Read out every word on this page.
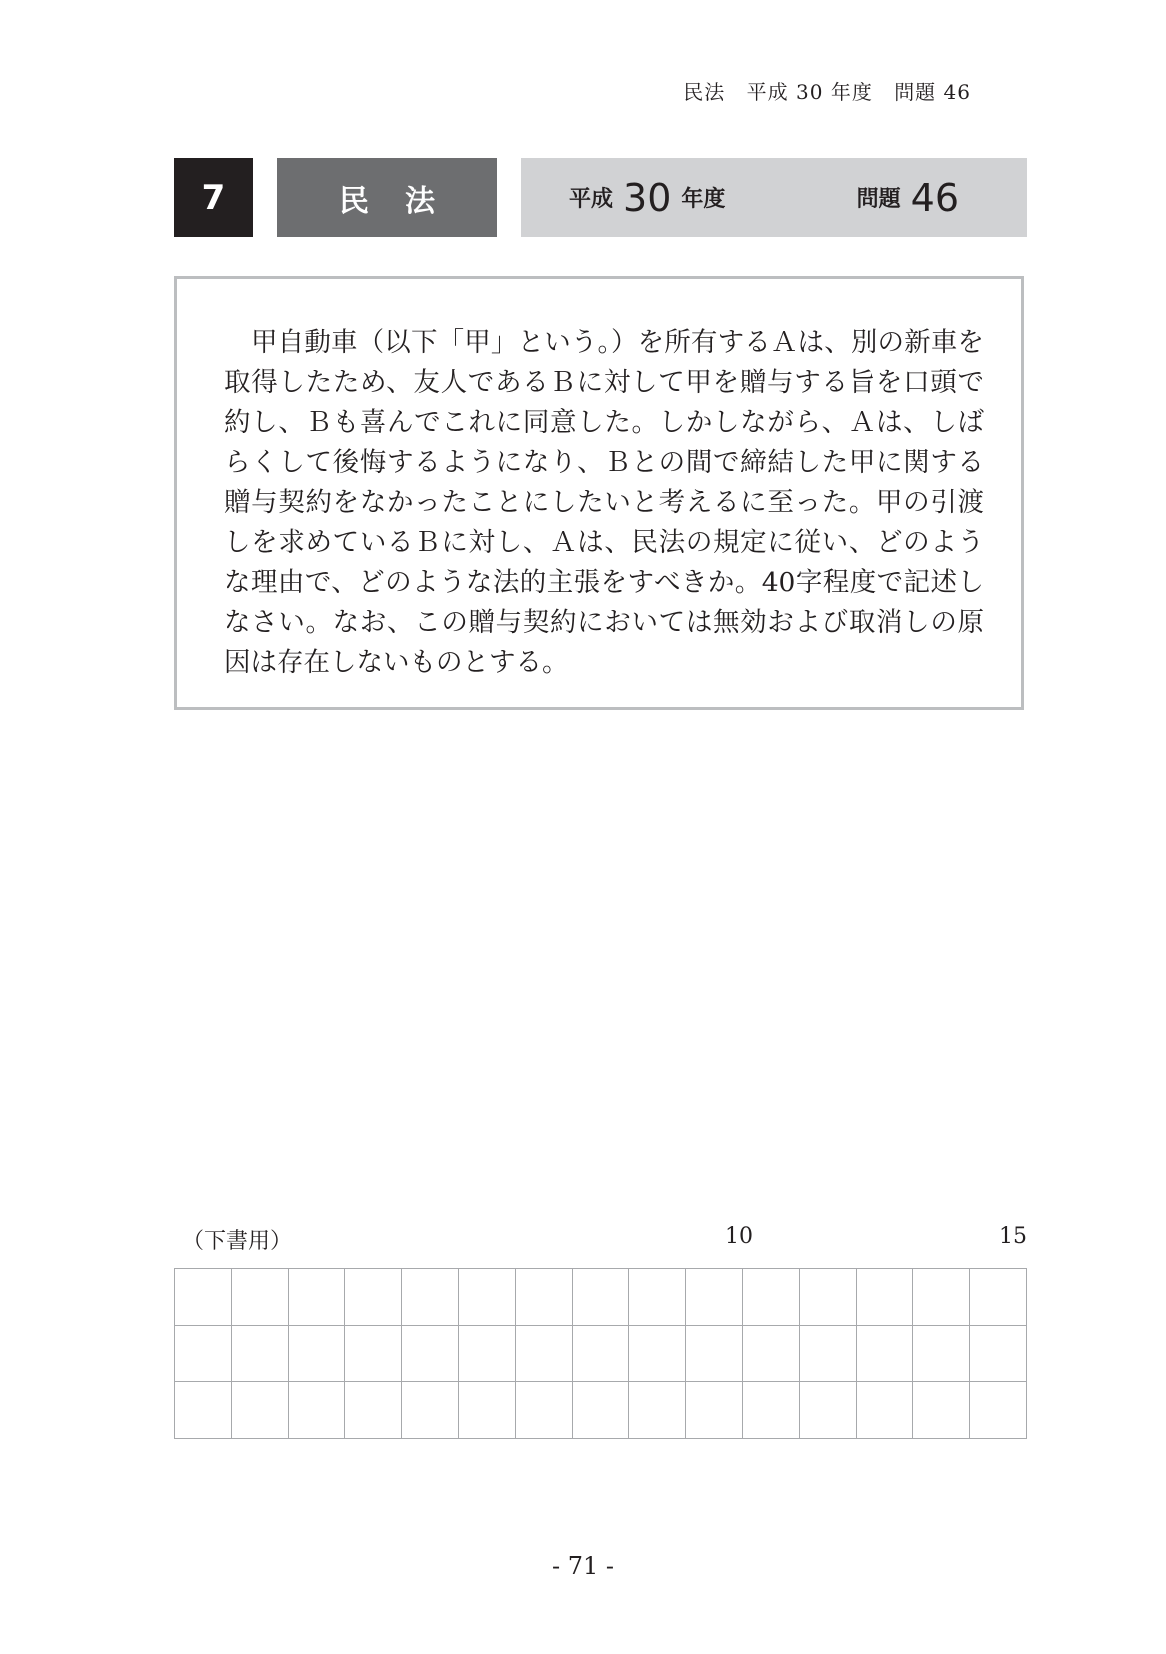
民法 平成 30 年度 問題 46
7	民法	平成 30 年度	問題 46

甲自動車（以下「甲」という。）を所有するＡは、別の新車を取得したため、友人であるＢに対して甲を贈与する旨を口頭で約し、Ｂも喜んでこれに同意した。しかしながら、Ａは、しばらくして後悔するようになり、Ｂとの間で締結した甲に関する贈与契約をなかったことにしたいと考えるに至った。甲の引渡しを求めているＢに対し、Ａは、民法の規定に従い、どのような理由で、どのような法的主張をすべきか。40字程度で記述しなさい。なお、この贈与契約においては無効および取消しの原因は存在しないものとする。

（下書用）	10	15
- 71 -
